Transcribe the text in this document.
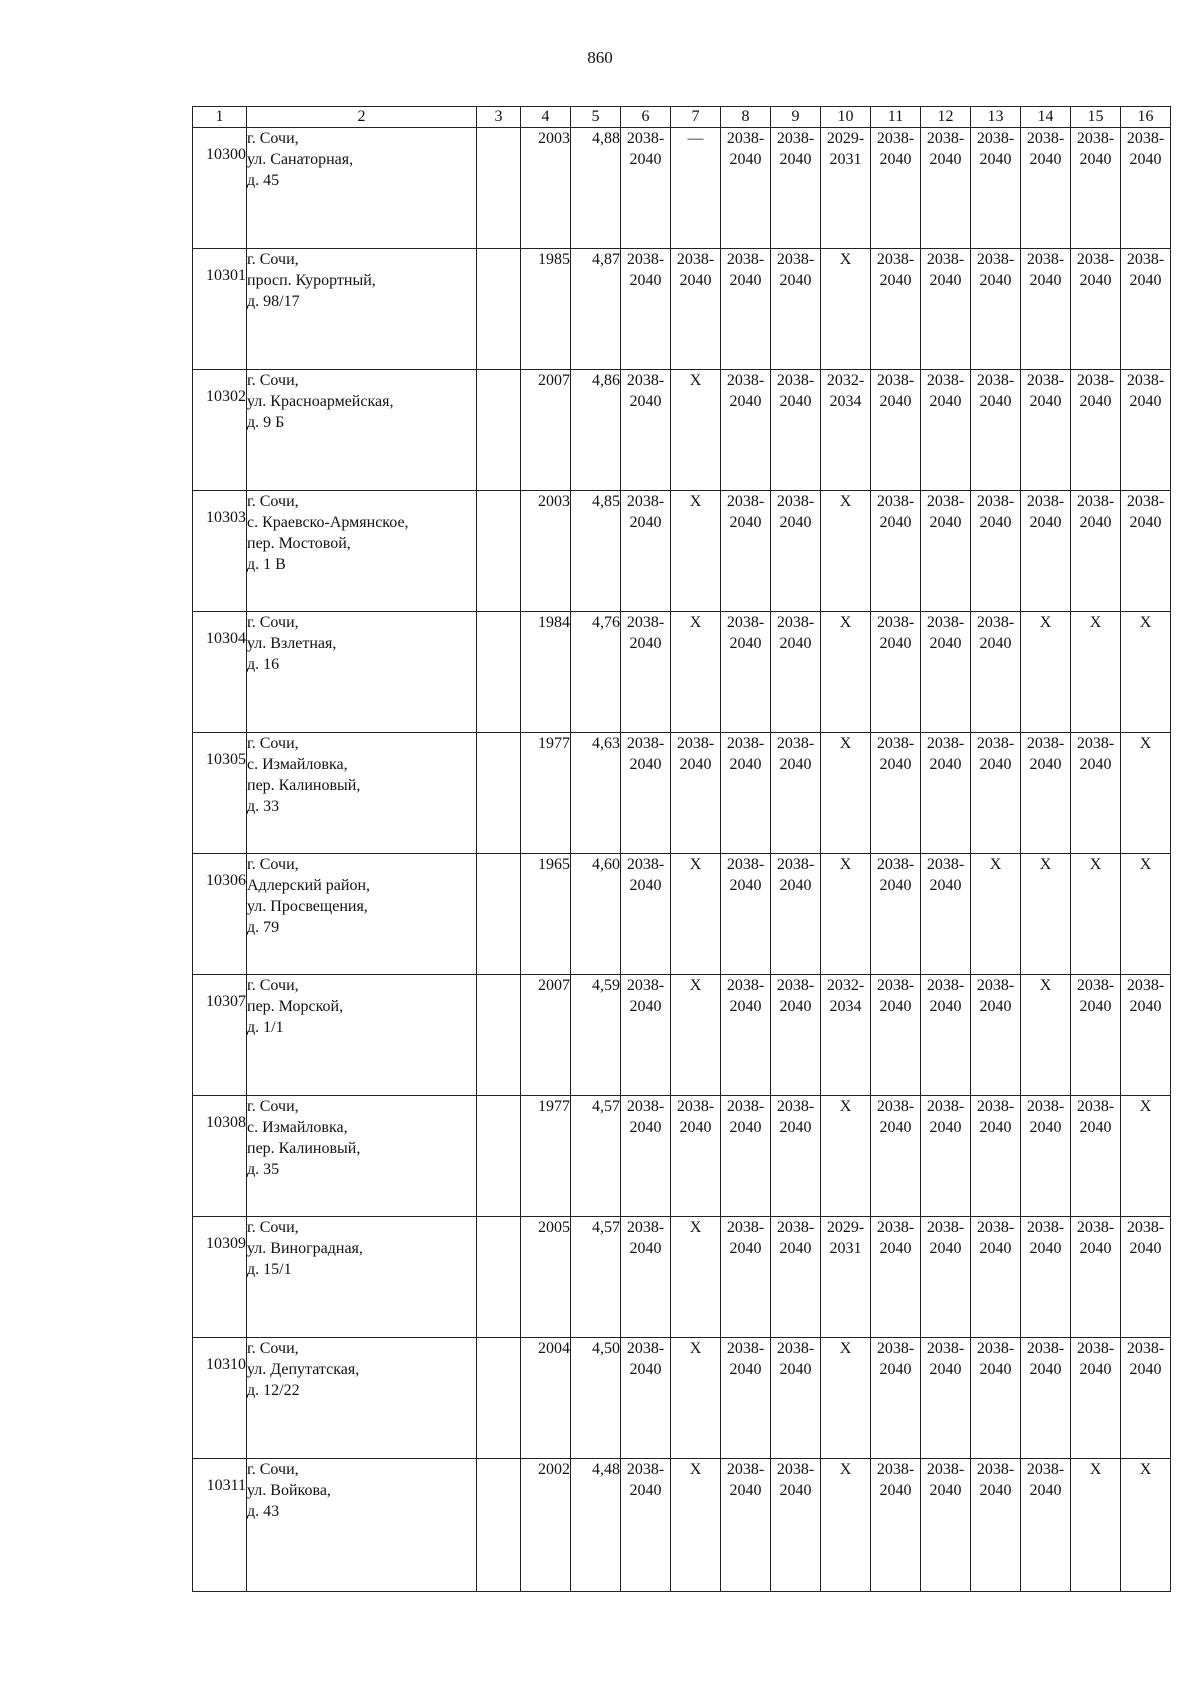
860
1	2	3	4	5	6	7	8	9	10	11	12	13	14	15	16

10300	г. Сочи,
ул. Санаторная,
д. 45		2003	4,88	2038-
2040	—	2038-
2040	2038-
2040	2029-
2031	2038-
2040	2038-
2040	2038-
2040	2038-
2040	2038-
2040	2038-
2040

10301	г. Сочи,
просп. Курортный,
д. 98/17		1985	4,87	2038-
2040	2038-
2040	2038-
2040	2038-
2040	X	2038-
2040	2038-
2040	2038-
2040	2038-
2040	2038-
2040	2038-
2040

10302	г. Сочи,
ул. Красноармейская,
д. 9 Б		2007	4,86	2038-
2040	X	2038-
2040	2038-
2040	2032-
2034	2038-
2040	2038-
2040	2038-
2040	2038-
2040	2038-
2040	2038-
2040

10303	г. Сочи,
с. Краевско-Армянское,
пер. Мостовой,
д. 1 В		2003	4,85	2038-
2040	X	2038-
2040	2038-
2040	X	2038-
2040	2038-
2040	2038-
2040	2038-
2040	2038-
2040	2038-
2040

10304	г. Сочи,
ул. Взлетная,
д. 16		1984	4,76	2038-
2040	X	2038-
2040	2038-
2040	X	2038-
2040	2038-
2040	2038-
2040	X	X	X

10305	г. Сочи,
с. Измайловка,
пер. Калиновый,
д. 33		1977	4,63	2038-
2040	2038-
2040	2038-
2040	2038-
2040	X	2038-
2040	2038-
2040	2038-
2040	2038-
2040	2038-
2040	X

10306	г. Сочи,
Адлерский район,
ул. Просвещения,
д. 79		1965	4,60	2038-
2040	X	2038-
2040	2038-
2040	X	2038-
2040	2038-
2040	X	X	X	X

10307	г. Сочи,
пер. Морской,
д. 1/1		2007	4,59	2038-
2040	X	2038-
2040	2038-
2040	2032-
2034	2038-
2040	2038-
2040	2038-
2040	X	2038-
2040	2038-
2040

10308	г. Сочи,
с. Измайловка,
пер. Калиновый,
д. 35		1977	4,57	2038-
2040	2038-
2040	2038-
2040	2038-
2040	X	2038-
2040	2038-
2040	2038-
2040	2038-
2040	2038-
2040	X

10309	г. Сочи,
ул. Виноградная,
д. 15/1		2005	4,57	2038-
2040	X	2038-
2040	2038-
2040	2029-
2031	2038-
2040	2038-
2040	2038-
2040	2038-
2040	2038-
2040	2038-
2040

10310	г. Сочи,
ул. Депутатская,
д. 12/22		2004	4,50	2038-
2040	X	2038-
2040	2038-
2040	X	2038-
2040	2038-
2040	2038-
2040	2038-
2040	2038-
2040	2038-
2040

10311	г. Сочи,
ул. Войкова,
д. 43		2002	4,48	2038-
2040	X	2038-
2040	2038-
2040	X	2038-
2040	2038-
2040	2038-
2040	2038-
2040	X	X
